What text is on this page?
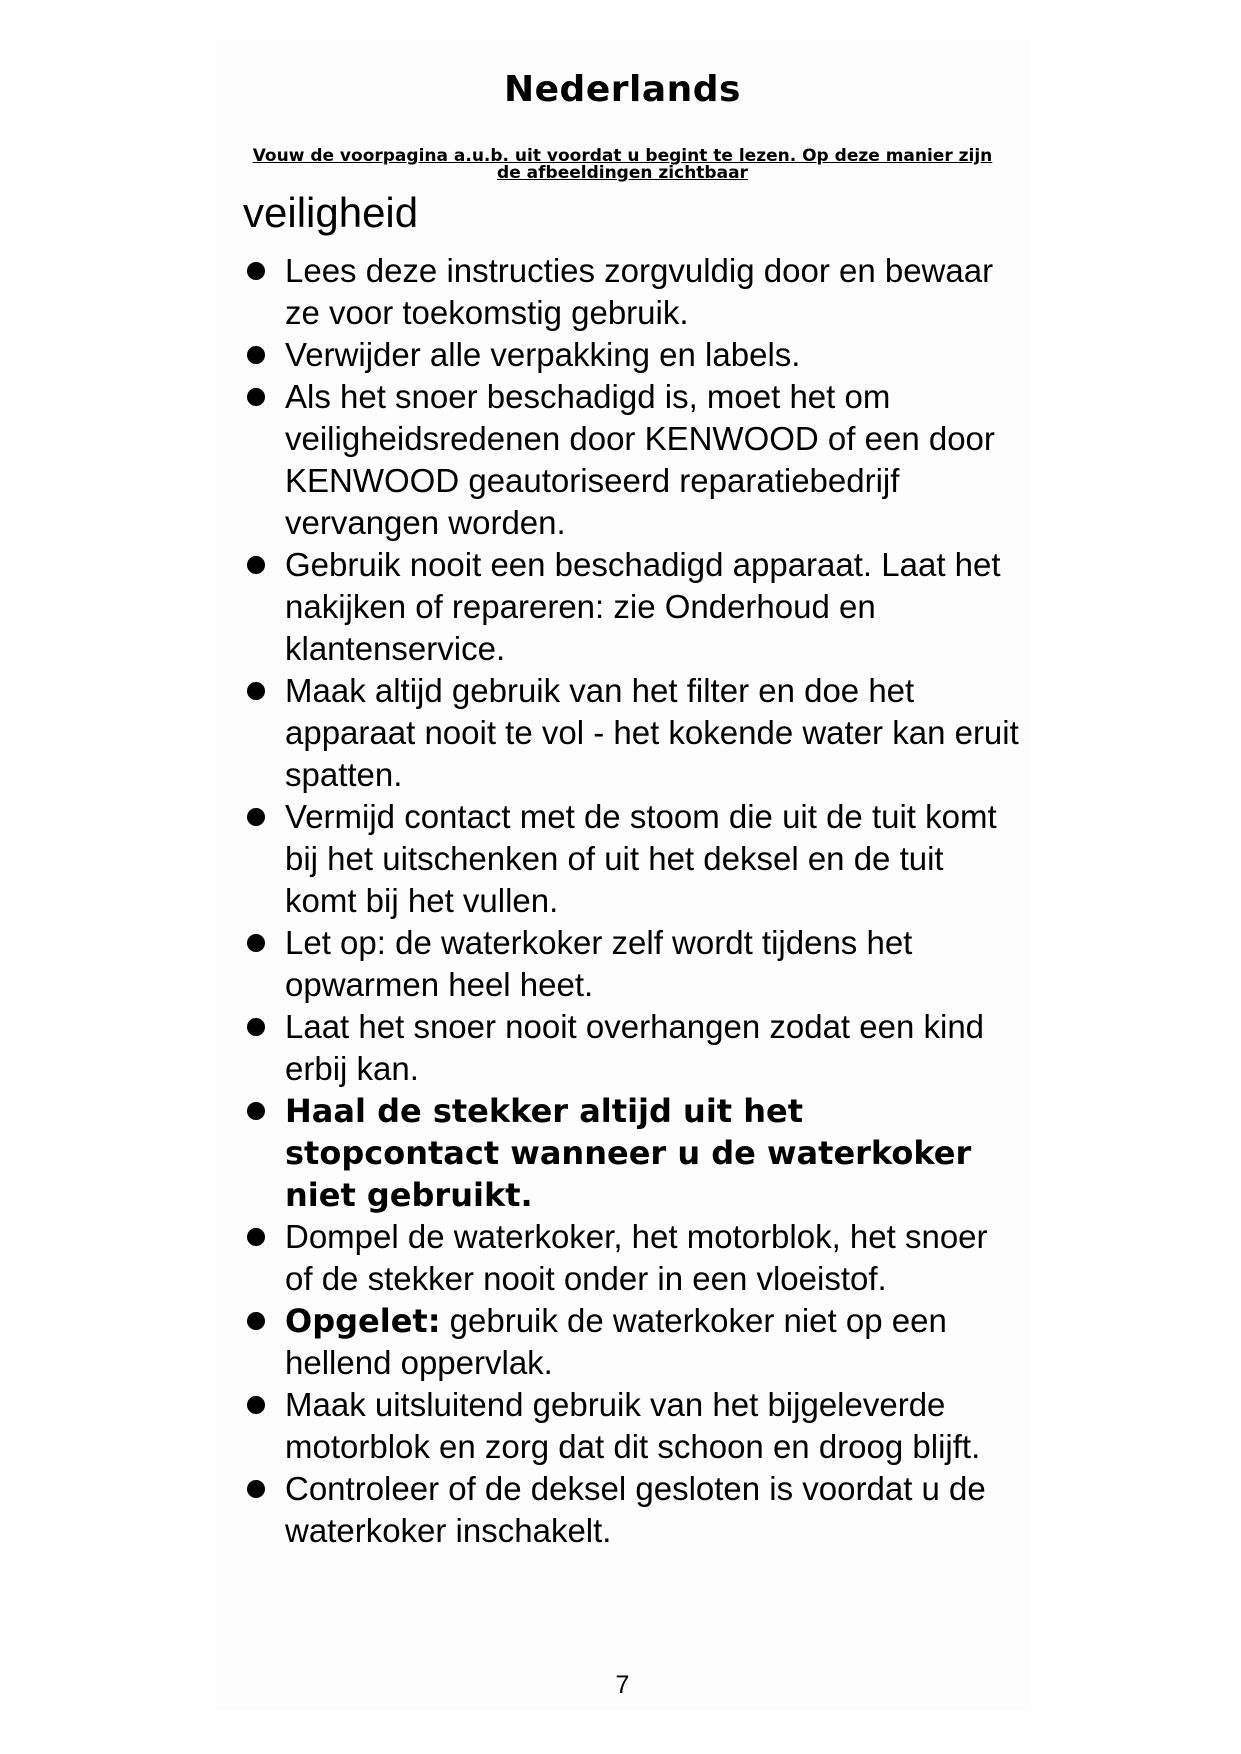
Nederlands
Vouw de voorpagina a.u.b. uit voordat u begint te lezen. Op deze manier zijn de afbeeldingen zichtbaar
veiligheid
Lees deze instructies zorgvuldig door en bewaar ze voor toekomstig gebruik.
Verwijder alle verpakking en labels.
Als het snoer beschadigd is, moet het om veiligheidsredenen door KENWOOD of een door KENWOOD geautoriseerd reparatiebedrijf vervangen worden.
Gebruik nooit een beschadigd apparaat. Laat het nakijken of repareren: zie Onderhoud en klantenservice.
Maak altijd gebruik van het filter en doe het apparaat nooit te vol - het kokende water kan eruit spatten.
Vermijd contact met de stoom die uit de tuit komt bij het uitschenken of uit het deksel en de tuit komt bij het vullen.
Let op: de waterkoker zelf wordt tijdens het opwarmen heel heet.
Laat het snoer nooit overhangen zodat een kind erbij kan.
Haal de stekker altijd uit het stopcontact wanneer u de waterkoker niet gebruikt.
Dompel de waterkoker, het motorblok, het snoer of de stekker nooit onder in een vloeistof.
Opgelet: gebruik de waterkoker niet op een hellend oppervlak.
Maak uitsluitend gebruik van het bijgeleverde motorblok en zorg dat dit schoon en droog blijft.
Controleer of de deksel gesloten is voordat u de waterkoker inschakelt.
7
